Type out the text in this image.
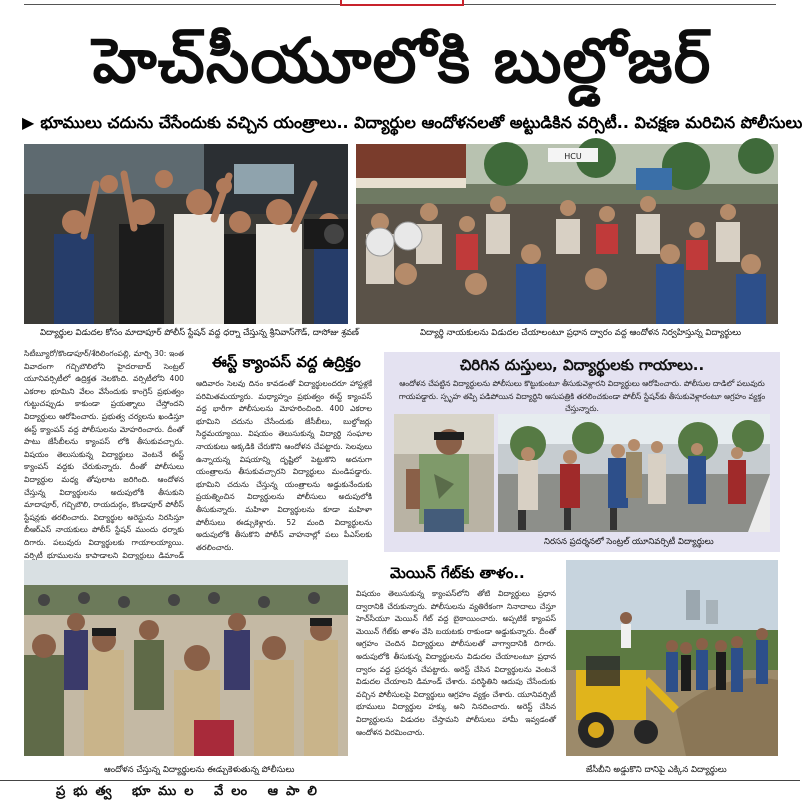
హెచ్‌సీయూలోకి బుల్డోజర్
▶ భూములు చదును చేసేందుకు వచ్చిన యంత్రాలు.. విద్యార్థుల ఆందోళనలతో అట్టుడికిన వర్సిటీ.. విచక్షణ మరిచిన పోలీసులు
విద్యార్థుల విడుదల కోసం మాదాపూర్ పోలీస్ స్టేషన్ వద్ద ధర్నా చేస్తున్న శ్రీనివాస్‌గౌడ్, దాసోజు శ్రవణ్
HCU
విద్యార్థి నాయకులను విడుదల చేయాలంటూ ప్రధాన ద్వారం వద్ద ఆందోళన నిర్వహిస్తున్న విద్యార్థులు
సిటీబ్యూరో/కొండాపూర్/శేరిలింగంపల్లి, మార్చి 30: ఇంత వివాదంగా గచ్చిబౌలిలోని హైదరాబాద్ సెంట్రల్ యూనివర్సిటీలో ఉద్రిక్తత నెలకొంది. వర్సిటీలోని 400 ఎకరాల భూమిని వేలం వేసేందుకు కాంగ్రెస్ ప్రభుత్వం గుట్టుచప్పుడు కాకుండా ప్రయత్నాలు చేస్తోందని విద్యార్థులు ఆరోపించారు. ప్రభుత్వ చర్యలను ఖండిస్తూ ఈస్ట్ క్యాంపస్ వద్ద పోలీసులను మోహరించారు. దీంతో పాటు జేసీబీలను క్యాంపస్ లోకి తీసుకువచ్చారు. విషయం తెలుసుకున్న విద్యార్థులు వెంటనే ఈస్ట్ క్యాంపస్ వద్దకు చేరుకున్నారు. దీంతో పోలీసులు విద్యార్థుల మధ్య తోపులాట జరిగింది. ఆందోళన చేస్తున్న విద్యార్థులను అదుపులోకి తీసుకుని మాదాపూర్, గచ్చిబౌలి, రాయదుర్గం, కొండాపూర్ పోలీస్ స్టేషన్లకు తరలించారు. విద్యార్థుల అరెస్టును నిరసిస్తూ బీఆర్ఎస్ నాయకులు పోలీస్ స్టేషన్ ముందు ధర్నాకు దిగారు. పలువురు విద్యార్థులకు గాయాలయ్యాయి. వర్సిటీ భూములను కాపాడాలని విద్యార్థులు డిమాండ్
ఈస్ట్ క్యాంపస్ వద్ద ఉద్రిక్తం
ఆదివారం సెలవు దినం కావడంతో విద్యార్థులందరూ హాస్టళ్లకే పరిమితమయ్యారు. మధ్యాహ్నం ప్రభుత్వం ఈస్ట్ క్యాంపస్ వద్ద భారీగా పోలీసులను మోహరించింది. 400 ఎకరాల భూమిని చదును చేసేందుకు జేసీబీలు, బుల్డోజర్లు సిద్ధమయ్యాయి. విషయం తెలుసుకున్న విద్యార్థి సంఘాల నాయకులు అక్కడికి చేరుకొని ఆందోళన చేపట్టారు. సెలవులు ఉన్నాయన్న విషయాన్ని దృష్టిలో పెట్టుకొని అదనుగా యంత్రాలను తీసుకువచ్చారని విద్యార్థులు మండిపడ్డారు. భూమిని చదును చేస్తున్న యంత్రాలను అడ్డుకునేందుకు ప్రయత్నించిన విద్యార్థులను పోలీసులు అదుపులోకి తీసుకున్నారు. మహిళా విద్యార్థులను కూడా మహిళా పోలీసులు ఈడ్చుకెళ్లారు. 52 మంది విద్యార్థులను అదుపులోకి తీసుకొని పోలీస్ వాహనాల్లో పలు పీఎస్‌లకు తరలించారు.
చిరిగిన దుస్తులు, విద్యార్థులకు గాయాలు..
ఆందోళన చేపట్టిన విద్యార్థులను పోలీసులు కొట్టుకుంటూ తీసుకువెళ్లారని విద్యార్థులు ఆరోపించారు. పోలీసుల దాడిలో పలువురు గాయపడ్డారు. స్పృహ తప్పి పడిపోయిన విద్యార్థిని ఆసుపత్రికి తరలించకుండా పోలీస్ స్టేషన్‌కు తీసుకువెళ్లారంటూ ఆగ్రహం వ్యక్తం చేస్తున్నారు.
నిరసన ప్రదర్శనలో సెంట్రల్ యూనివర్సిటీ విద్యార్థులు
ఆందోళన చేస్తున్న విద్యార్థులను ఈడ్చుకెళుతున్న పోలీసులు
మెయిన్ గేట్‌కు తాళం..
విషయం తెలుసుకున్న క్యాంపస్‌లోని తోటి విద్యార్థులు ప్రధాన ద్వారానికి చేరుకున్నారు. పోలీసులను వ్యతిరేకంగా నినాదాలు చేస్తూ హెచ్‌సీయూ మెయిన్ గేట్ వద్ద బైఠాయించారు. అప్పటికే క్యాంపస్ మెయిన్ గేట్‌కు తాళం వేసి బయటకు రాకుండా అడ్డుకున్నారు. దీంతో ఆగ్రహం చెందిన విద్యార్థులు పోలీసులతో వాగ్వాదానికి దిగారు. అదుపులోకి తీసుకున్న విద్యార్థులను విడుదల చేయాలంటూ ప్రధాన ద్వారం వద్ద ప్రదర్శన చేపట్టారు. అరెస్ట్ చేసిన విద్యార్థులను వెంటనే విడుదల చేయాలని డిమాండ్ చేశారు. పరిస్థితిని ఆదుపు చేసేందుకు వచ్చిన పోలీసులపై విద్యార్థులు ఆగ్రహం వ్యక్తం చేశారు. యూనివర్సిటీ భూములు విద్యార్థుల హక్కు అని నినదించారు. అరెస్ట్ చేసిన విద్యార్థులను విడుదల చేస్తామని పోలీసులు హామీ ఇవ్వడంతో ఆందోళన విరమించారు.
జేసీబీని అడ్డుకొని దానిపై ఎక్కిన విద్యార్థులు
ప్రభుత్వ భూముల వేలం ఆపాలి
